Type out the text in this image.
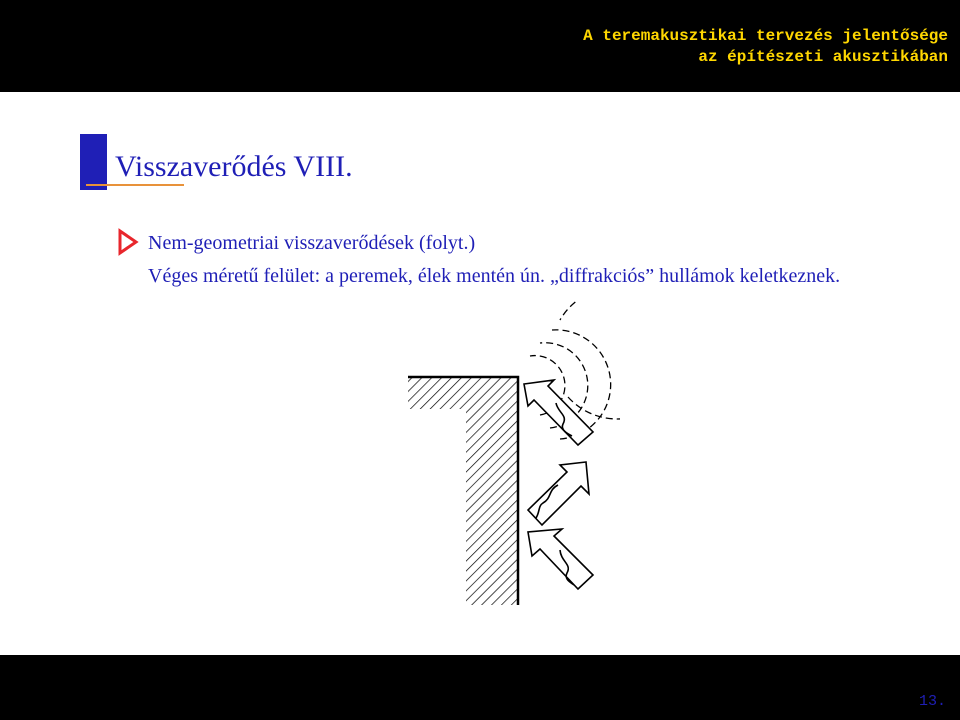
A teremakusztikai tervezés jelentősége
az építészeti akusztikában
Visszaverődés VIII.
Nem-geometriai visszaverődések (folyt.)
Véges méretű felület: a peremek, élek mentén ún. „diffrakciós” hullámok keletkeznek.
13.
